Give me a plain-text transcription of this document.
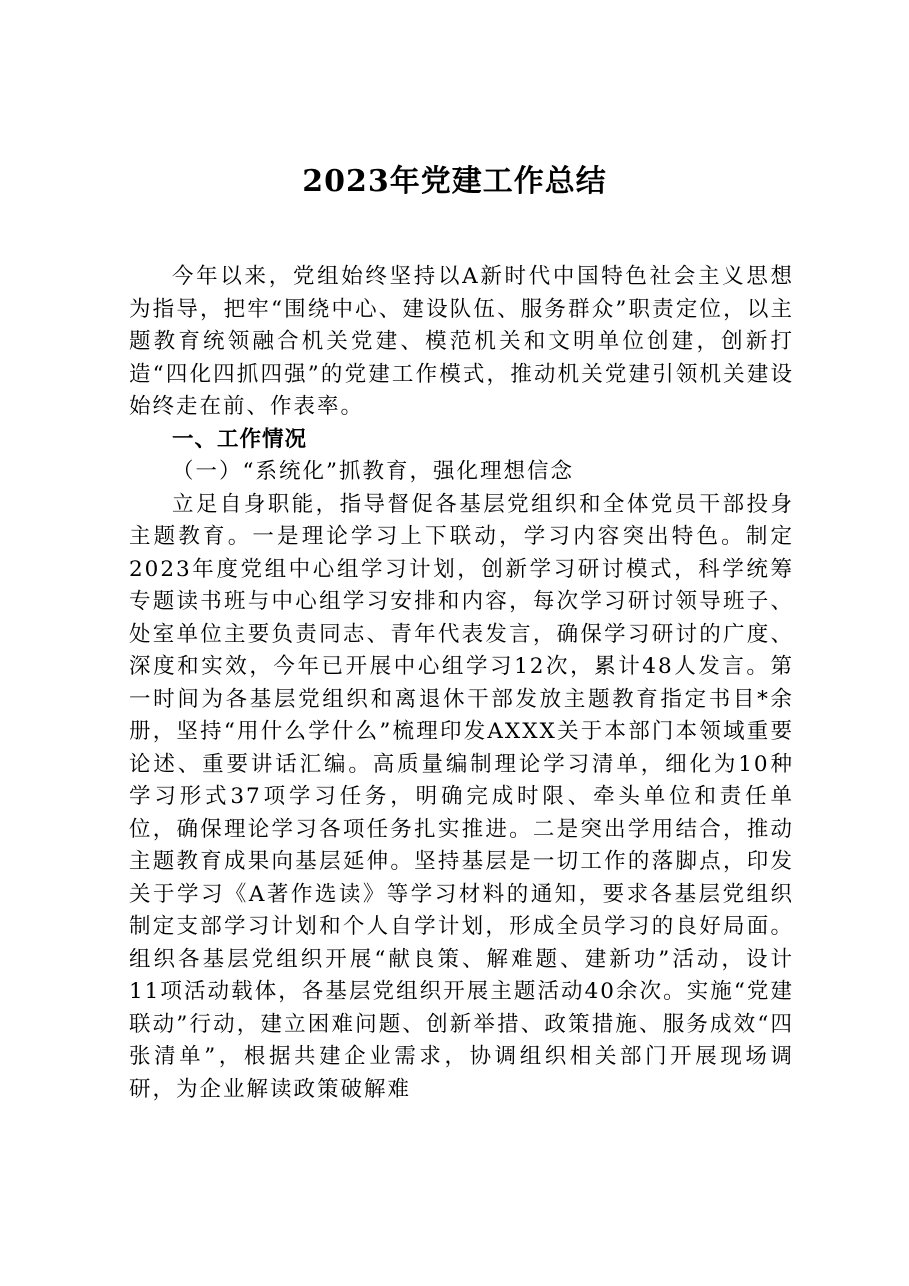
2023年党建工作总结

今年以来，党组始终坚持以A新时代中国特色社会主义思想为指导，把牢“围绕中心、建设队伍、服务群众”职责定位，以主题教育统领融合机关党建、模范机关和文明单位创建，创新打造“四化四抓四强”的党建工作模式，推动机关党建引领机关建设始终走在前、作表率。

一、工作情况

（一）“系统化”抓教育，强化理想信念

立足自身职能，指导督促各基层党组织和全体党员干部投身主题教育。一是理论学习上下联动，学习内容突出特色。制定2023年度党组中心组学习计划，创新学习研讨模式，科学统筹专题读书班与中心组学习安排和内容，每次学习研讨领导班子、处室单位主要负责同志、青年代表发言，确保学习研讨的广度、深度和实效，今年已开展中心组学习12次，累计48人发言。第一时间为各基层党组织和离退休干部发放主题教育指定书目*余册，坚持“用什么学什么”梳理印发AXXX关于本部门本领域重要论述、重要讲话汇编。高质量编制理论学习清单，细化为10种学习形式37项学习任务，明确完成时限、牵头单位和责任单位，确保理论学习各项任务扎实推进。二是突出学用结合，推动主题教育成果向基层延伸。坚持基层是一切工作的落脚点，印发关于学习《A著作选读》等学习材料的通知，要求各基层党组织制定支部学习计划和个人自学计划，形成全员学习的良好局面。组织各基层党组织开展“献良策、解难题、建新功”活动，设计11项活动载体，各基层党组织开展主题活动40余次。实施“党建联动”行动，建立困难问题、创新举措、政策措施、服务成效“四张清单”，根据共建企业需求，协调组织相关部门开展现场调研，为企业解读政策破解难
